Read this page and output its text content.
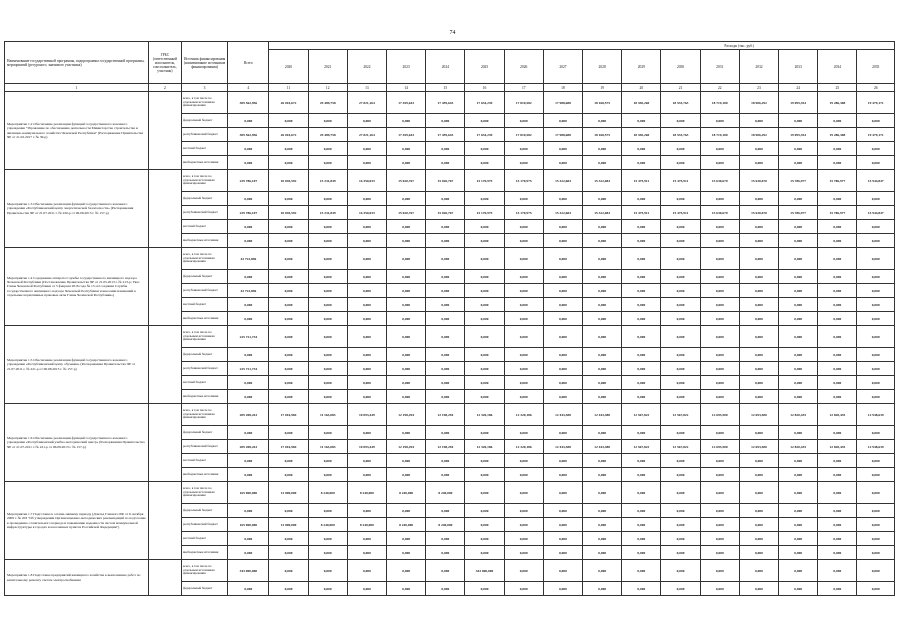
74
Наименование государственной программы, подпрограммы государственной программы, мероприятий (ресурсного, значимого участника)	ГРБС (ответственный исполнитель, соисполнитель, участник)	Источник финансирования (наименование источников финансирования)	Всего	Расходы (тыс. руб.)															
				2020	2021	2022	2023	2024	2025	2026	2027	2028	2029	2030	2031	2032	2033	2034	2035
1	2	3	4	11	12	13	14	15	16	17	18	19	20	21	22	23	24	25	26
Мероприятие 1.2 Обеспечение реализации функций государственного казенного учреждения "Управление по обеспечению деятельности Министерства строительства и жилищно-коммунального хозяйства Чеченской Республики" (Распоряжение Правительства ЧР от 21.02.2017 г. № 39-р)		всего, в том числе по отдельным источникам финансирования	309 562,956	26 010,672	29 489,758	27 821,164	17 459,643	17 459,643	17 634,239	17 810,582	17 988,688	18 168,575	18 350,260	18 533,763	18 719,100	18 906,292	19 095,354	19 286,308	19 479,171
		федеральный бюджет	0,000	0,000	0,000	0,000	0,000	0,000	0,000	0,000	0,000	0,000	0,000	0,000	0,000	0,000	0,000	0,000	0,000
		республиканский бюджет	309 562,956	26 010,672	29 489,758	27 821,164	17 459,643	17 459,643	17 634,239	17 810,582	17 988,688	18 168,575	18 350,260	18 533,763	18 719,100	18 906,292	19 095,354	19 286,308	19 479,171
		местный бюджет	0,000	0,000	0,000	0,000	0,000	0,000	0,000	0,000	0,000	0,000	0,000	0,000	0,000	0,000	0,000	0,000	0,000
		внебюджетные источники	0,000	0,000	0,000	0,000	0,000	0,000	0,000	0,000	0,000	0,000	0,000	0,000	0,000	0,000	0,000	0,000	0,000
Мероприятие 1.3 Обеспечение реализации функций государственного казенного учреждения «Республиканский центр энергетической безопасности» (Распоряжения Правительства ЧР от 21.07.2011 г. № 220-р от 06.08.2013 г. № 157-р)		всего, в том числе по отдельным источникам финансирования	229 786,107	10 045,592	15 231,849	16 350,033	15 020,767	15 020,767	15 170,975	15 170,975	15 322,684	15 322,684	15 475,911	15 475,911	15 630,670	15 630,670	15 786,977	15 786,977	15 944,847
		федеральный бюджет	0,000	0,000	0,000	0,000	0,000	0,000	0,000	0,000	0,000	0,000	0,000	0,000	0,000	0,000	0,000	0,000	0,000
		республиканский бюджет	229 786,107	10 045,592	15 231,849	16 350,033	15 020,767	15 020,767	15 170,975	15 170,975	15 322,684	15 322,684	15 475,911	15 475,911	15 630,670	15 630,670	15 786,977	15 786,977	15 944,847
		местный бюджет	0,000	0,000	0,000	0,000	0,000	0,000	0,000	0,000	0,000	0,000	0,000	0,000	0,000	0,000	0,000	0,000	0,000
		внебюджетные источники	0,000	0,000	0,000	0,000	0,000	0,000	0,000	0,000	0,000	0,000	0,000	0,000	0,000	0,000	0,000	0,000	0,000
Мероприятие 1.4 Содержание аппарата Службы государственного жилищного надзора Чеченской Республики (Постановление Правительства ЧР от 21.05.2013 г. № 213-р; Указ Главы Чеченской Республики от 5 февраля 2016 года № 13 «О создании Службы государственного жилищного надзора Чеченской Республики и внесении изменений в отдельные нормативные правовые акты Главы Чеченской Республики»)		всего, в том числе по отдельным источникам финансирования	43 722,896	0,000	0,000	0,000	0,000	0,000	0,000	0,000	0,000	0,000	0,000	0,000	0,000	0,000	0,000	0,000	0,000
		федеральный бюджет	0,000	0,000	0,000	0,000	0,000	0,000	0,000	0,000	0,000	0,000	0,000	0,000	0,000	0,000	0,000	0,000	0,000
		республиканский бюджет	43 722,896	0,000	0,000	0,000	0,000	0,000	0,000	0,000	0,000	0,000	0,000	0,000	0,000	0,000	0,000	0,000	0,000
		местный бюджет	0,000	0,000	0,000	0,000	0,000	0,000	0,000	0,000	0,000	0,000	0,000	0,000	0,000	0,000	0,000	0,000	0,000
		внебюджетные источники	0,000	0,000	0,000	0,000	0,000	0,000	0,000	0,000	0,000	0,000	0,000	0,000	0,000	0,000	0,000	0,000	0,000
Мероприятие 1.5 Обеспечение реализации функций государственного казенного учреждения «Республиканский центр обучения» (Распоряжения Правительства ЧР от 21.07.2011 г. № 221-р от 06.08.2013 г. № 157-р)		всего, в том числе по отдельным источникам финансирования	225 721,734	0,000	0,000	0,000	0,000	0,000	0,000	0,000	0,000	0,000	0,000	0,000	0,000	0,000	0,000	0,000	0,000
		федеральный бюджет	0,000	0,000	0,000	0,000	0,000	0,000	0,000	0,000	0,000	0,000	0,000	0,000	0,000	0,000	0,000	0,000	0,000
		республиканский бюджет	225 721,734	0,000	0,000	0,000	0,000	0,000	0,000	0,000	0,000	0,000	0,000	0,000	0,000	0,000	0,000	0,000	0,000
		местный бюджет	0,000	0,000	0,000	0,000	0,000	0,000	0,000	0,000	0,000	0,000	0,000	0,000	0,000	0,000	0,000	0,000	0,000
		внебюджетные источники	0,000	0,000	0,000	0,000	0,000	0,000	0,000	0,000	0,000	0,000	0,000	0,000	0,000	0,000	0,000	0,000	0,000
Мероприятие 1.6 Обеспечение реализации функций государственного казенного учреждения «Республиканский учебно-методический центр» (Распоряжения Правительства ЧР от 21.07.2011 г. № 221-р от 06.08.2013 г. № 157-р)		всего, в том числе по отдельным источникам финансирования	209 208,261	17 016,969	11 163,083	10 093,449	12 198,294	12 198,294	12 320,186	12 320,186	12 443,388	12 443,388	12 567,822	12 567,822	12 693,500	12 693,500	12 820,435	12 820,435	12 948,639
		федеральный бюджет	0,000	0,000	0,000	0,000	0,000	0,000	0,000	0,000	0,000	0,000	0,000	0,000	0,000	0,000	0,000	0,000	0,000
		республиканский бюджет	209 208,261	17 016,969	11 163,083	10 093,449	12 198,294	12 198,294	12 320,186	12 320,186	12 443,388	12 443,388	12 567,822	12 567,822	12 693,500	12 693,500	12 820,435	12 820,435	12 948,639
		местный бюджет	0,000	0,000	0,000	0,000	0,000	0,000	0,000	0,000	0,000	0,000	0,000	0,000	0,000	0,000	0,000	0,000	0,000
		внебюджетные источники	0,000	0,000	0,000	0,000	0,000	0,000	0,000	0,000	0,000	0,000	0,000	0,000	0,000	0,000	0,000	0,000	0,000
Мероприятие 1.7 Подготовка к осенне-зимнему периоду (Доклад Главного РФ от 6 октября 2009 г. № 203 "Об утверждении Организационно-методических рекомендаций по подготовке к проведению отопительного периода и повышению надежности систем коммунальной инфраструктуры в городах и населенных пунктах Российской Федерации")		всего, в том числе по отдельным источникам финансирования	165 000,000	13 000,000	8 240,000	8 240,000	8 240,000	8 240,000	0,000	0,000	0,000	0,000	0,000	0,000	0,000	0,000	0,000	0,000	0,000
		федеральный бюджет	0,000	0,000	0,000	0,000	0,000	0,000	0,000	0,000	0,000	0,000	0,000	0,000	0,000	0,000	0,000	0,000	0,000
		республиканский бюджет	165 000,000	13 000,000	8 240,000	8 240,000	8 240,000	8 240,000	0,000	0,000	0,000	0,000	0,000	0,000	0,000	0,000	0,000	0,000	0,000
		местный бюджет	0,000	0,000	0,000	0,000	0,000	0,000	0,000	0,000	0,000	0,000	0,000	0,000	0,000	0,000	0,000	0,000	0,000
		внебюджетные источники	0,000	0,000	0,000	0,000	0,000	0,000	0,000	0,000	0,000	0,000	0,000	0,000	0,000	0,000	0,000	0,000	0,000
Мероприятие 1.8 Подготовка предприятий жилищного хозяйства к выполнению работ по капитальному ремонту систем электроснабжения		всего, в том числе по отдельным источникам финансирования	343 000,000	0,000	0,000	0,000	0,000	0,000	343 000,000	0,000	0,000	0,000	0,000	0,000	0,000	0,000	0,000	0,000	0,000
		федеральный бюджет	0,000	0,000	0,000	0,000	0,000	0,000	0,000	0,000	0,000	0,000	0,000	0,000	0,000	0,000	0,000	0,000	0,000
